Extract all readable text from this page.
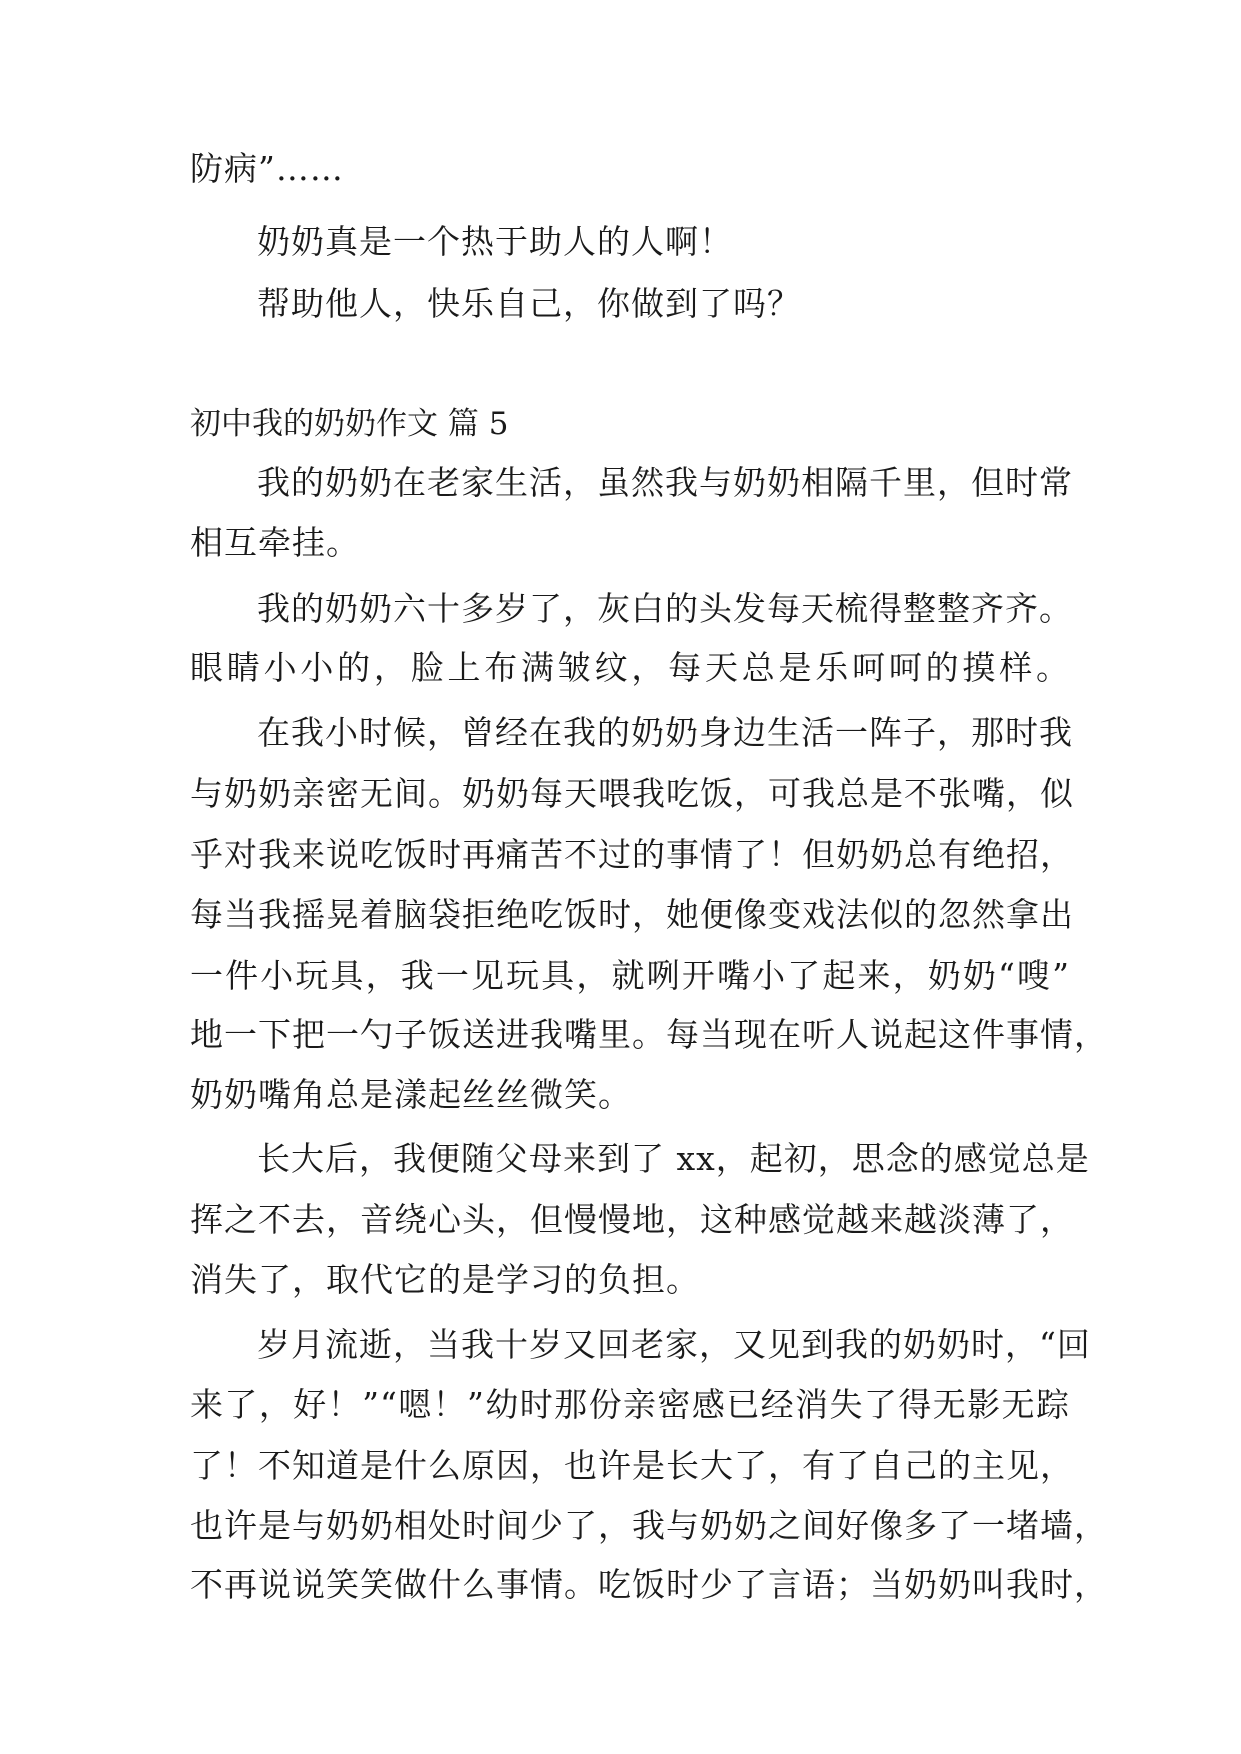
防病”……
奶奶真是一个热于助人的人啊！
帮助他人，快乐自己，你做到了吗？
初中我的奶奶作文 篇 5
我的奶奶在老家生活，虽然我与奶奶相隔千里，但时常
相互牵挂。
我的奶奶六十多岁了，灰白的头发每天梳得整整齐齐。
眼睛小小的，脸上布满皱纹，每天总是乐呵呵的摸样。
在我小时候，曾经在我的奶奶身边生活一阵子，那时我
与奶奶亲密无间。奶奶每天喂我吃饭，可我总是不张嘴，似
乎对我来说吃饭时再痛苦不过的事情了！但奶奶总有绝招，
每当我摇晃着脑袋拒绝吃饭时，她便像变戏法似的忽然拿出
一件小玩具，我一见玩具，就咧开嘴小了起来，奶奶“嗖”
地一下把一勺子饭送进我嘴里。每当现在听人说起这件事情，
奶奶嘴角总是漾起丝丝微笑。
长大后，我便随父母来到了 xx，起初，思念的感觉总是
挥之不去，音绕心头，但慢慢地，这种感觉越来越淡薄了，
消失了，取代它的是学习的负担。
岁月流逝，当我十岁又回老家，又见到我的奶奶时，“回
来了，好！”“嗯！”幼时那份亲密感已经消失了得无影无踪
了！不知道是什么原因，也许是长大了，有了自己的主见，
也许是与奶奶相处时间少了，我与奶奶之间好像多了一堵墙，
不再说说笑笑做什么事情。吃饭时少了言语；当奶奶叫我时，
